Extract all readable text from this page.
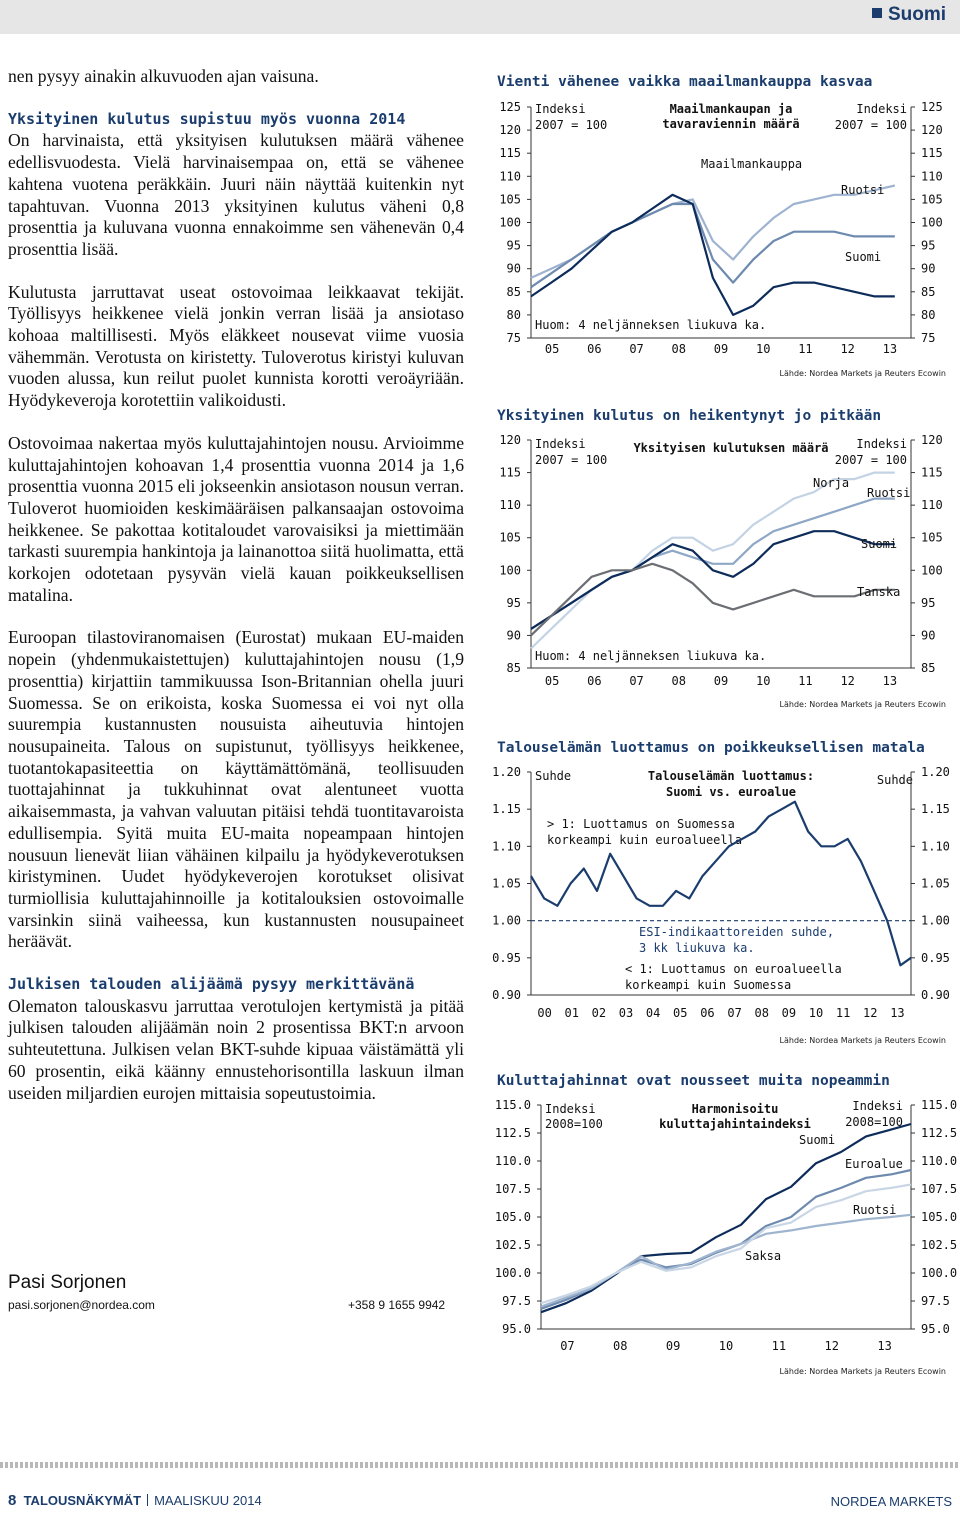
Suomi

nen pysyy ainakin alkuvuoden ajan vaisuna.

Yksityinen kulutus supistuu myös vuonna 2014

On harvinaista, että yksityisen kulutuksen määrä vähenee edellisvuodesta. Vielä harvinaisempaa on, että se vähenee kahtena vuotena peräkkäin. Juuri näin näyttää kuitenkin nyt tapahtuvan. Vuonna 2013 yksityinen kulutus väheni 0,8 prosenttia ja kuluvana vuonna ennakoimme sen vähenevän 0,4 prosenttia lisää.

Kulutusta jarruttavat useat ostovoimaa leikkaavat tekijät. Työllisyys heikkenee vielä jonkin verran lisää ja ansiotaso kohoaa maltillisesti. Myös eläkkeet nousevat viime vuosia vähemmän. Verotusta on kiristetty. Tuloverotus kiristyi kuluvan vuoden alussa, kun reilut puolet kunnista korotti veroäyriään. Hyödykeveroja korotettiin valikoidusti.

Ostovoimaa nakertaa myös kuluttajahintojen nousu. Arvioimme kuluttajahintojen kohoavan 1,4 prosenttia vuonna 2014 ja 1,6 prosenttia vuonna 2015 eli jokseenkin ansiotason nousun verran. Tuloverot huomioiden keskimääräisen palkansaajan ostovoima heikkenee. Se pakottaa kotitaloudet varovaisiksi ja miettimään tarkasti suurempia hankintoja ja lainanottoa siitä huolimatta, että korkojen odotetaan pysyvän vielä kauan poikkeuksellisen matalina.

Euroopan tilastoviranomaisen (Eurostat) mukaan EU-maiden nopein (yhdenmukaistettujen) kuluttajahintojen nousu (1,9 prosenttia) kirjattiin tammikuussa Ison-Britannian ohella juuri Suomessa. Se on erikoista, koska Suomessa ei voi nyt olla suurempia kustannusten nousuista aiheutuvia hintojen nousupaineita. Talous on supistunut, työllisyys heikkenee, tuotantokapasiteettia on käyttämättömänä, teollisuuden tuottajahinnat ja tukkuhinnat ovat alentuneet vuotta aikaisemmasta, ja vahvan valuutan pitäisi tehdä tuontitavaroista edullisempia. Syitä muita EU-maita nopeampaan hintojen nousuun lienevät liian vähäinen kilpailu ja hyödykeverotuksen kiristyminen. Uudet hyödykeverojen korotukset olisivat turmiollisia kuluttajahinnoille ja kotitalouksien ostovoimalle varsinkin siinä vaiheessa, kun kustannusten nousupaineet heräävät.

Julkisen talouden alijäämä pysyy merkittävänä

Olematon talouskasvu jarruttaa verotulojen kertymistä ja pitää julkisen talouden alijäämän noin 2 prosentissa BKT:n arvoon suhteutettuna. Julkisen velan BKT-suhde kipuaa väistämättä yli 60 prosentin, eikä käänny ennustehorisontilla laskuun ilman useiden miljardien eurojen mittaisia sopeutustoimia.

Pasi Sorjonen
pasi.sorjonen@nordea.com	+358 9 1655 9942
Vienti vähenee vaikka maailmankauppa kasvaa
Indeksi
2007 = 100
Maailmankaupan ja
tavaraviennin määrä
Indeksi
2007 = 100
Huom: 4 neljänneksen liukuva ka.
75	75
80	80
85	85
90	90
95	95
100	100
105	105
110	110
115	115
120	120
125	125
05 06 07 08 09 10 11 12 13
Maailmankauppa
Ruotsi
Suomi
Lähde: Nordea Markets ja Reuters Ecowin
Yksityinen kulutus on heikentynyt jo pitkään
Indeksi
2007 = 100
Yksityisen kulutuksen määrä Indeksi
2007 = 100
Huom: 4 neljänneksen liukuva ka.
85	85
90	90
95	95
100	100
105	105
110	110
115	115
120	120
05 06 07 08 09 10 11 12 13
Norja
Ruotsi
Suomi
Tanska
Lähde: Nordea Markets ja Reuters Ecowin
Talouselämän luottamus on poikkeuksellisen matala
Suhde	Talouselämän luottamus:
Suomi vs. euroalue
Suhde
> 1: Luottamus on Suomessa
korkeampi kuin euroalueella
ESI-indikaattoreiden suhde,
3 kk liukuva ka.
< 1: Luottamus on euroalueella
korkeampi kuin Suomessa
0.90	0.90
0.95	0.95
1.00	1.00
1.05	1.05
1.10	1.10
1.15	1.15
1.20	1.20
00 01 02 03 04 05 06 07 08 09 10 11 12 13
Lähde: Nordea Markets ja Reuters Ecowin
Kuluttajahinnat ovat nousseet muita nopeammin
Indeksi
2008=100
Harmonisoitu
kuluttajahintaindeksi
Indeksi
2008=100
95.0	95.0
97.5	97.5
100.0	100.0
102.5	102.5
105.0	105.0
107.5	107.5
110.0	110.0
112.5	112.5
115.0	115.0
07	08	09	10	11	12	13
Suomi
Euroalue
Ruotsi
Saksa
Lähde: Nordea Markets ja Reuters Ecowin
8 TALOUSNÄKYMÄT MAALISKUU 2014	NORDEA MARKETS
